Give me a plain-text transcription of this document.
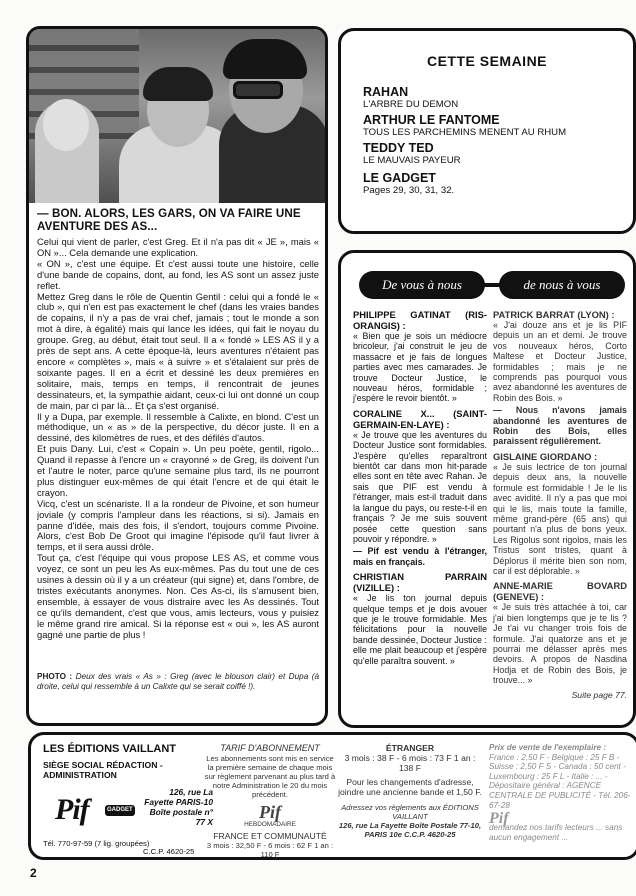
— BON. ALORS, LES GARS, ON VA FAIRE UNE AVENTURE DES AS...

Celui qui vient de parler, c'est Greg. Et il n'a pas dit « JE », mais « ON »... Cela demande une explication.

« ON », c'est une équipe. Et c'est aussi toute une histoire, celle d'une bande de copains, dont, au fond, les AS sont un assez juste reflet.

Mettez Greg dans le rôle de Quentin Gentil : celui qui a fondé le « club », qui n'en est pas exactement le chef (dans les vraies bandes de copains, il n'y a pas de vrai chef, jamais ; tout le monde a son mot à dire, à égalité) mais qui lance les idées, qui fait le noyau du groupe. Greg, au début, était tout seul. Il a « fondé » LES AS il y a près de sept ans. A cette époque-là, leurs aventures n'étaient pas encore « complètes », mais « à suivre » et s'étalaient sur près de soixante pages. Il en a écrit et dessiné les deux premières en solitaire, mais, temps en temps, il rencontrait de jeunes dessinateurs, et, la sympathie aidant, ceux-ci lui ont donné un coup de main, par ci par là... Et ça s'est organisé.

Il y a Dupa, par exemple. Il ressemble à Calixte, en blond. C'est un méthodique, un « as » de la perspective, du décor juste. Il en a dessiné, des kilomètres de rues, et des défilés d'autos.

Et puis Dany. Lui, c'est « Copain ». Un peu poète, gentil, rigolo... Quand il repasse à l'encre un « crayonné » de Greg, ils doivent l'un et l'autre le noter, parce qu'une semaine plus tard, ils ne pourront plus distinguer eux-mêmes de qui était l'encre et de qui était le crayon.

Vicq, c'est un scénariste. Il a la rondeur de Pivoine, et son humeur joviale (y compris l'ampleur dans les réactions, si si). Jamais en panne d'idée, mais des fois, il s'endort, toujours comme Pivoine. Alors, c'est Bob De Groot qui imagine l'épisode qu'il faut livrer à temps, et il sera aussi drôle.

Tout ça, c'est l'équipe qui vous propose LES AS, et comme vous voyez, ce sont un peu les As eux-mêmes. Pas du tout une de ces usines à dessin où il y a un créateur (qui signe) et, dans l'ombre, de tristes exécutants anonymes. Non. Ces As-ci, ils s'amusent bien, ensemble, à essayer de vous distraire avec les As dessinés. Tout ce qu'ils demandent, c'est que vous, amis lecteurs, vous y puisiez le même grand rire amical. Si la réponse est « oui », les AS auront gagné une partie de plus !

PHOTO : Deux des vrais « As » : Greg (avec le blouson clair) et Dupa (à droite, celui qui ressemble à un Calixte qui se serait coiffé !).
CETTE SEMAINE
RAHAN
L'ARBRE DU DEMON
ARTHUR LE FANTOME
TOUS LES PARCHEMINS MENENT AU RHUM
TEDDY TED
LE MAUVAIS PAYEUR
LE GADGET
Pages 29, 30, 31, 32.
De vous à nous	de nous à vous
PHILIPPE GATINAT (RIS-ORANGIS) :

« Bien que je sois un médiocre bricoleur, j'ai construit le jeu de massacre et je fais de longues parties avec mes camarades. Je trouve Docteur Justice, le nouveau héros, formidable ; j'espère le revoir bientôt. »

CORALINE X... (SAINT-GERMAIN-EN-LAYE) :

« Je trouve que les aventures du Docteur Justice sont formidables. J'espère qu'elles reparaîtront bientôt car dans mon hit-parade elles sont en tête avec Rahan. Je sais que PIF est vendu à l'étranger, mais est-il traduit dans la langue du pays, ou reste-t-il en français ? Je me suis souvent posée cette question sans pouvoir y répondre. »

— Pif est vendu à l'étranger, mais en français.

CHRISTIAN PARRAIN (VIZILLE) :

« Je lis ton journal depuis quelque temps et je dois avouer que je le trouve formidable. Mes félicitations pour la nouvelle bande dessinée, Docteur Justice : elle me plait beaucoup et j'espère qu'elle paraîtra souvent. »

PATRICK BARRAT (LYON) :

« J'ai douze ans et je lis PIF depuis un an et demi. Je trouve vos nouveaux héros, Corto Maltese et Docteur Justice, formidables ; mais je ne comprends pas pourquoi vous avez abandonné les aventures de Robin des Bois. »

— Nous n'avons jamais abandonné les aventures de Robin des Bois, elles paraissent régulièrement.

GISLAINE GIORDANO :

« Je suis lectrice de ton journal depuis deux ans, la nouvelle formule est formidable ! Je le lis avec avidité. Il n'y a pas que moi qui le lis, mais toute la famille, même grand-père (65 ans) qui pourtant n'a plus de bons yeux. Les Rigolus sont rigolos, mais les Tristus sont tristes, quant à Déplorus il mérite bien son nom, car il est déplorable. »

ANNE-MARIE BOVARD (GENEVE) :

« Je suis très attachée à toi, car j'ai bien longtemps que je te lis ? Je t'ai vu changer trois fois de formule. J'ai quatorze ans et je pourrai me délasser après mes devoirs. A propos de Nasdina Hodja et de Robin des Bois, je trouve... »

Suite page 77.
LES ÉDITIONS VAILLANT
SIÈGE SOCIAL RÉDACTION - ADMINISTRATION
126, rue La Fayette PARIS-10 Boîte postale n° 77 X
Pif	GADGET
Tél. 770-97-59 (7 lig. groupées)
C.C.P. 4620-25
TARIF D'ABONNEMENT
Les abonnements sont mis en service la première semaine de chaque mois sur règlement parvenant au plus tard à notre Administration le 20 du mois précédent.
Pif
HEBDOMADAIRE
FRANCE ET COMMUNAUTÉ
3 mois : 32,50 F - 6 mois : 62 F 1 an : 110 F
ÉTRANGER
3 mois : 38 F - 6 mois : 73 F 1 an : 138 F
Pour les changements d'adresse, joindre une ancienne bande et 1,50 F.
Adressez vos règlements aux ÉDITIONS VAILLANT
126, rue La Fayette Boîte Postale 77-10, PARIS 10e C.C.P. 4620-25
Prix de vente de l'exemplaire :
France : 2,50 F - Belgique : 25 F B - Suisse : 2,50 F S - Canada : 50 cent - Luxembourg : 25 F L - Italie : ... - Dépositaire général : AGENCE CENTRALE DE PUBLICITÉ - Tél. 206-67-28
Pif
demandez nos tarifs lecteurs ... sans aucun engagement ...
2
